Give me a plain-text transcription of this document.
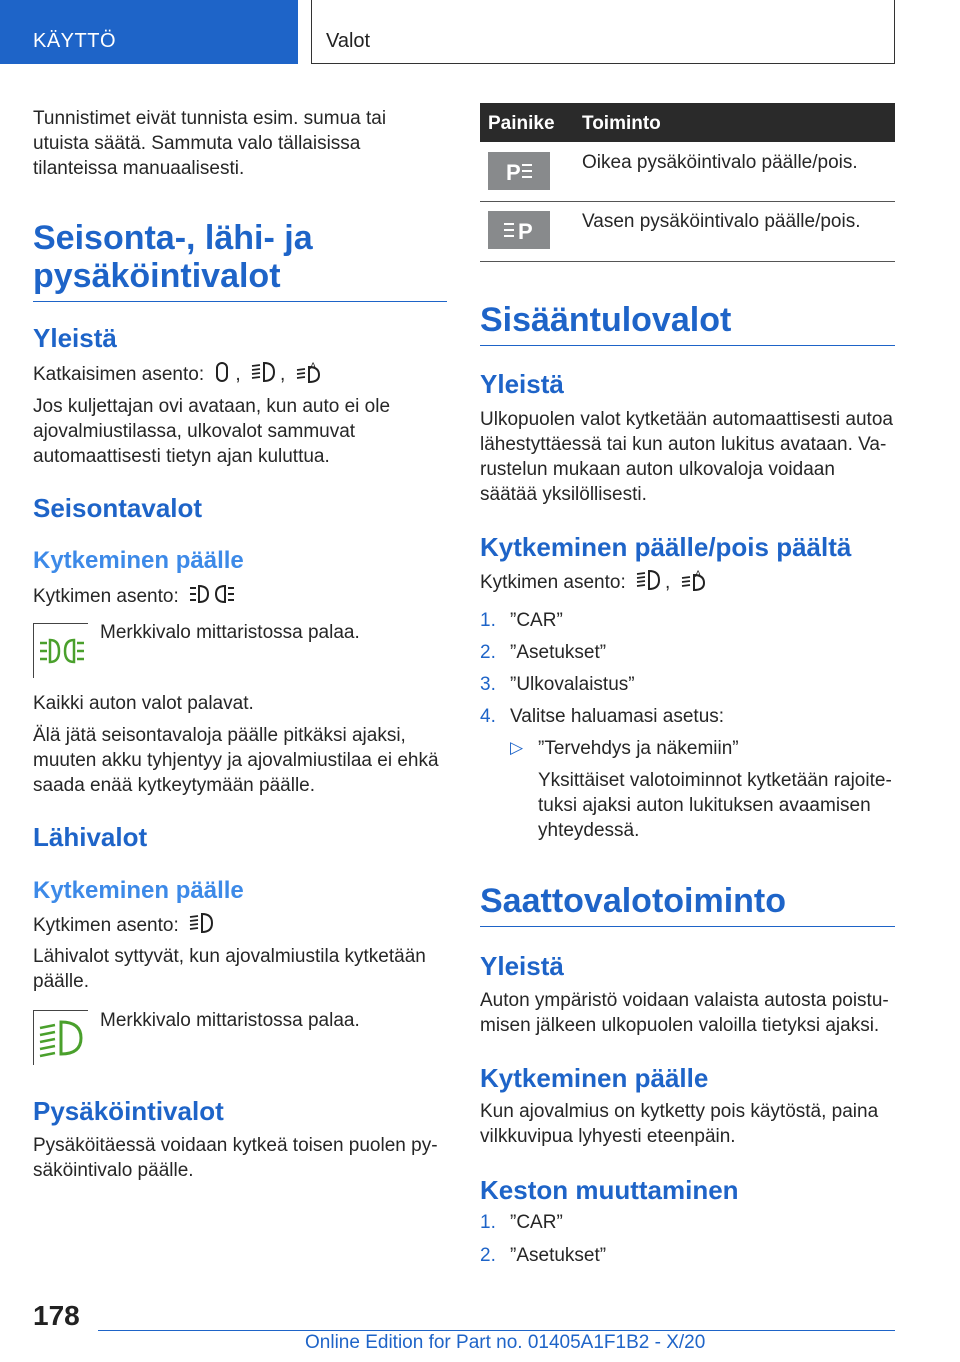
KÄYTTÖ	Valot

Tunnistimet eivät tunnista esim. sumua tai utuista säätä. Sammuta valo tällaisissa tilanteissa manuaalisesti.

Seisonta-, lähi- ja pysäköintivalot
Yleistä

Katkaisimen asento: , ,	A

Jos kuljettajan ovi avataan, kun auto ei ole ajovalmiustilassa, ulkovalot sammuvat automaattisesti tietyn ajan kuluttua.

Seisontavalot
Kytkeminen päälle

Kytkimen asento:

Merkkivalo mittaristossa palaa.

Kaikki auton valot palavat.

Älä jätä seisontavaloja päälle pitkäksi ajaksi, muuten akku tyhjentyy ja ajovalmiustilaa ei ehkä saada enää kytkeytymään päälle.

Lähivalot
Kytkeminen päälle

Kytkimen asento:

Lähivalot syttyvät, kun ajovalmiustila kytketään päälle.

Merkkivalo mittaristossa palaa.

Pysäköintivalot

Pysäköitäessä voidaan kytkeä toisen puolen pysäköintivalo päälle.

Painike Toiminto
P	Oikea pysäköintivalo päälle/pois.

P	Vasen pysäköintivalo päälle/pois.

Sisääntulovalot
Yleistä

Ulkopuolen valot kytketään automaattisesti autoa lähestyttäessä tai kun auton lukitus avataan. Varustelun mukaan auton ulkovaloja voidaan säätää yksilöllisesti.

Kytkeminen päälle/pois päältä

Kytkimen asento: ,	A

1. ”CAR”

2. ”Asetukset”

3. ”Ulkovalaistus”

4. Valitse haluamasi asetus:

▷ ”Tervehdys ja näkemiin”

Yksittäiset valotoiminnot kytketään rajoitetuksi ajaksi auton lukituksen avaamisen yhteydessä.

Saattovalotoiminto
Yleistä

Auton ympäristö voidaan valaista autosta poistumisen jälkeen ulkopuolen valoilla tietyksi ajaksi.

Kytkeminen päälle

Kun ajovalmius on kytketty pois käytöstä, paina vilkkuvipua lyhyesti eteenpäin.

Keston muuttaminen
1. ”CAR”

2. ”Asetukset”

178
Online Edition for Part no. 01405A1F1B2 - X/20
